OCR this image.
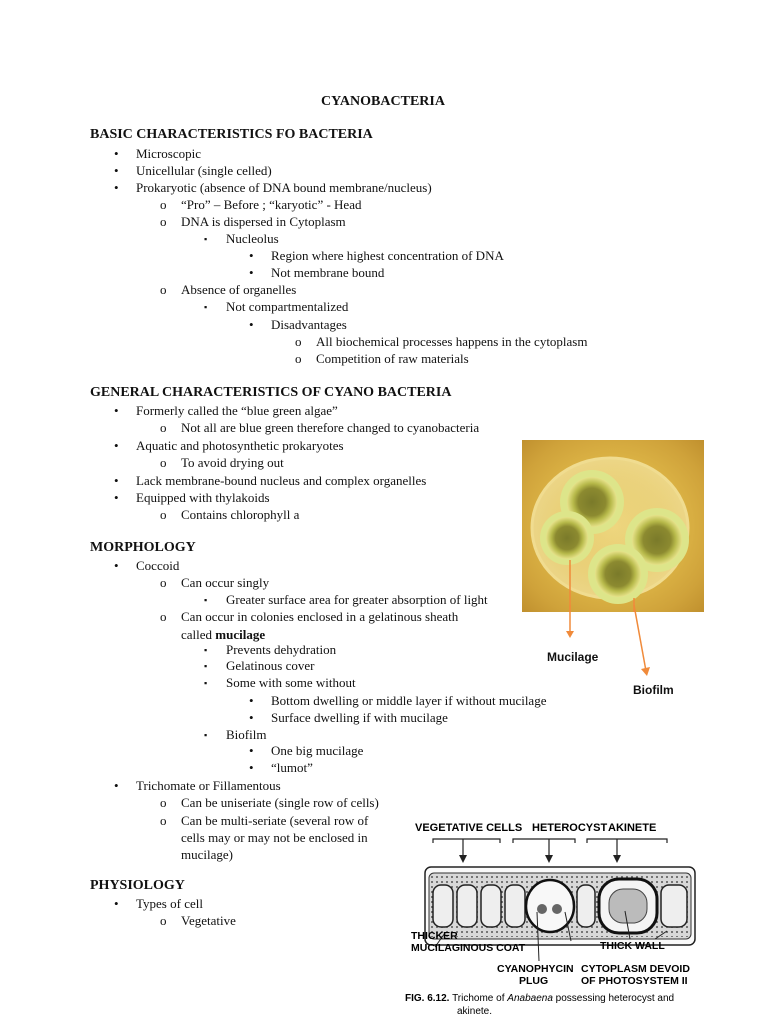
CYANOBACTERIA
BASIC CHARACTERISTICS FO BACTERIA
• Microscopic
• Unicellular (single celled)
• Prokaryotic (absence of DNA bound membrane/nucleus)
o “Pro” – Before ; “karyotic” - Head
o DNA is dispersed in Cytoplasm
▪ Nucleolus
• Region where highest concentration of DNA
• Not membrane bound
o Absence of organelles
▪ Not compartmentalized
• Disadvantages
o All biochemical processes happens in the cytoplasm
o Competition of raw materials
GENERAL CHARACTERISTICS OF CYANO BACTERIA
• Formerly called the “blue green algae”
o Not all are blue green therefore changed to cyanobacteria
• Aquatic and photosynthetic prokaryotes
o To avoid drying out
• Lack membrane-bound nucleus and complex organelles
• Equipped with thylakoids
o Contains chlorophyll a
MORPHOLOGY
• Coccoid
o Can occur singly
▪ Greater surface area for greater absorption of light
o Can occur in colonies enclosed in a gelatinous sheath
called mucilage
▪ Prevents dehydration
▪ Gelatinous cover
▪ Some with some without
• Bottom dwelling or middle layer if without mucilage
• Surface dwelling if with mucilage
▪ Biofilm
• One big mucilage
• “lumot”
• Trichomate or Fillamentous
o Can be uniseriate (single row of cells)
o Can be multi-seriate (several row of
cells may or may not be enclosed in
mucilage)
PHYSIOLOGY
• Types of cell
o Vegetative
Mucilage
Biofilm
VEGETATIVE CELLS HETEROCYST AKINETE
THICKER
MUCILAGINOUS COAT	THICK WALL
CYANOPHYCIN
PLUG
CYTOPLASM DEVOID
OF PHOTOSYSTEM II
FIG. 6.12. Trichome of Anabaena possessing heterocyst and
akinete.
